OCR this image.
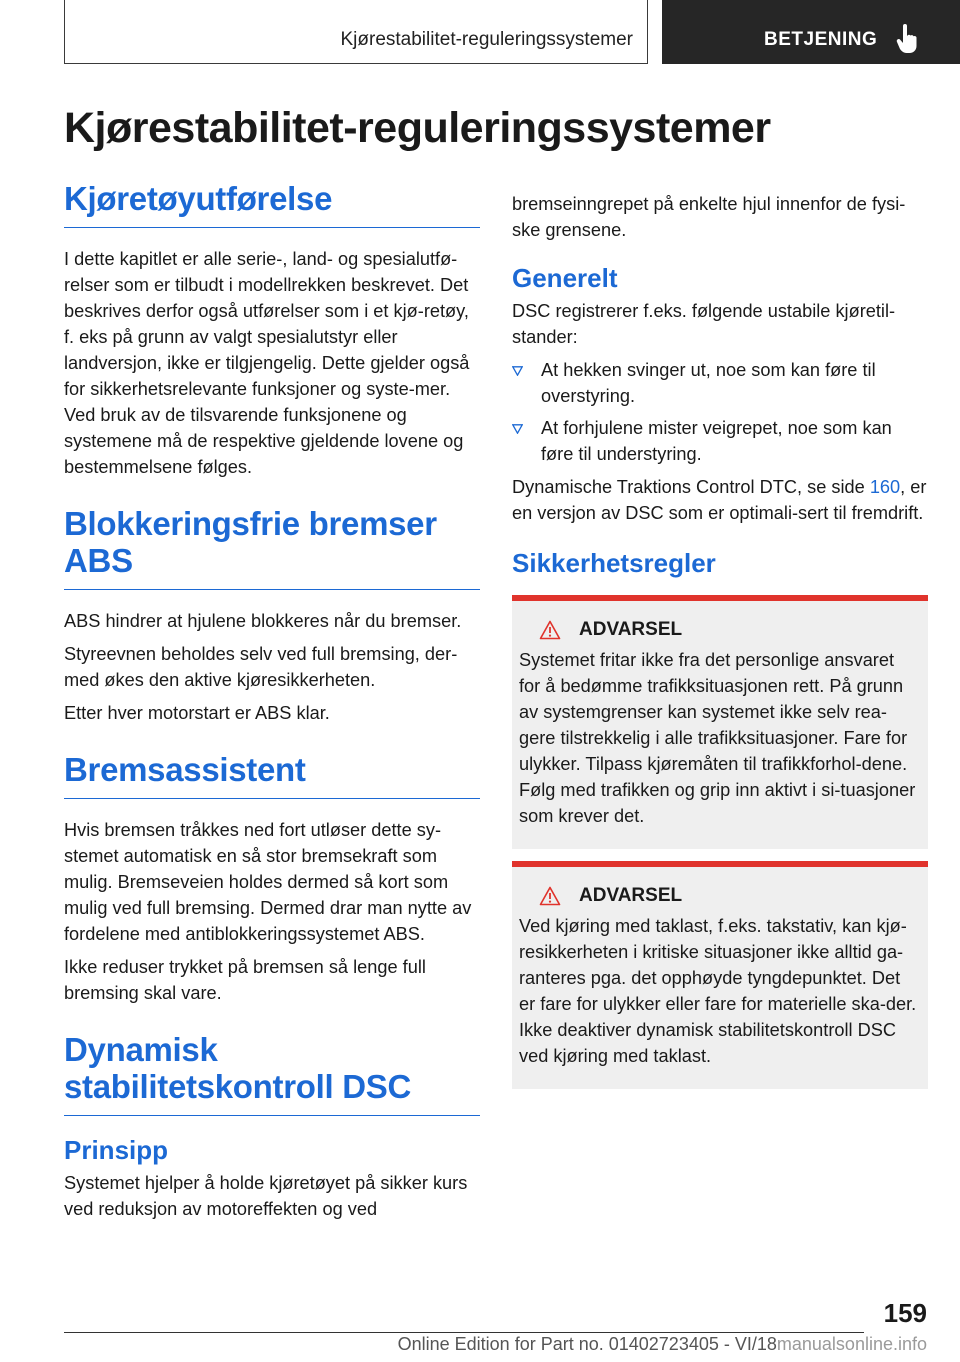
Kjørestabilitet-reguleringssystemer	BETJENING
Kjørestabilitet-reguleringssystemer
Kjøretøyutførelse

I dette kapitlet er alle serie-, land- og spesialutfø-relser som er tilbudt i modellrekken beskrevet. Det beskrives derfor også utførelser som i et kjø-retøy, f. eks på grunn av valgt spesialutstyr eller landversjon, ikke er tilgjengelig. Dette gjelder også for sikkerhetsrelevante funksjoner og syste-mer. Ved bruk av de tilsvarende funksjonene og systemene må de respektive gjeldende lovene og bestemmelsene følges.

Blokkeringsfrie bremser
ABS

ABS hindrer at hjulene blokkeres når du bremser.

Styreevnen beholdes selv ved full bremsing, der-med økes den aktive kjøresikkerheten.

Etter hver motorstart er ABS klar.

Bremsassistent

Hvis bremsen tråkkes ned fort utløser dette sy-stemet automatisk en så stor bremsekraft som mulig. Bremseveien holdes dermed så kort som mulig ved full bremsing. Dermed drar man nytte av fordelene med antiblokkeringssystemet ABS.

Ikke reduser trykket på bremsen så lenge full bremsing skal vare.

Dynamisk
stabilitetskontroll DSC
Prinsipp

Systemet hjelper å holde kjøretøyet på sikker kurs ved reduksjon av motoreffekten og ved

bremseinngrepet på enkelte hjul innenfor de fysi-ske grensene.

Generelt

DSC registrerer f.eks. følgende ustabile kjøretil-stander:

At hekken svinger ut, noe som kan føre til overstyring.
At forhjulene mister veigrepet, noe som kan føre til understyring.

Dynamische Traktions Control DTC, se side 160, er en versjon av DSC som er optimali-sert til fremdrift.

Sikkerhetsregler
ADVARSEL

Systemet fritar ikke fra det personlige ansvaret for å bedømme trafikksituasjonen rett. På grunn av systemgrenser kan systemet ikke selv rea-gere tilstrekkelig i alle trafikksituasjoner. Fare for ulykker. Tilpass kjøremåten til trafikkforhol-dene. Følg med trafikken og grip inn aktivt i si-tuasjoner som krever det.

ADVARSEL

Ved kjøring med taklast, f.eks. takstativ, kan kjø-resikkerheten i kritiske situasjoner ikke alltid ga-ranteres pga. det opphøyde tyngdepunktet. Det er fare for ulykker eller fare for materielle ska-der. Ikke deaktiver dynamisk stabilitetskontroll DSC ved kjøring med taklast.

159
Online Edition for Part no. 01402723405 - VI/18manualsonline.info
